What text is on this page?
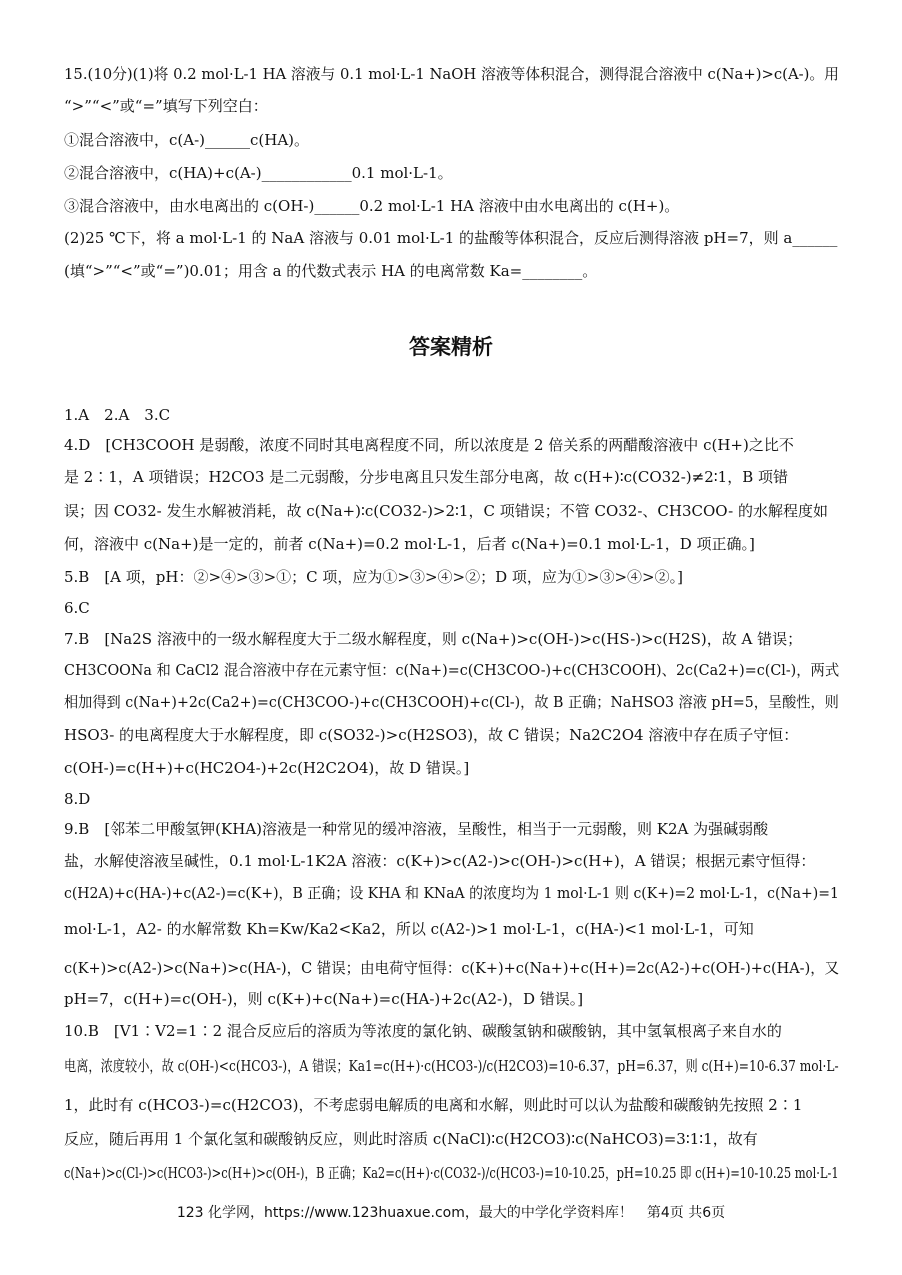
15.(10分)(1)将 0.2 mol·L-1 HA 溶液与 0.1 mol·L-1 NaOH 溶液等体积混合，测得混合溶液中 c(Na+)>c(A-)。用
“>”“<”或“=”填写下列空白：
①混合溶液中，c(A-)______c(HA)。
②混合溶液中，c(HA)+c(A-)____________0.1 mol·L-1。
③混合溶液中，由水电离出的 c(OH-)______0.2 mol·L-1 HA 溶液中由水电离出的 c(H+)。
(2)25 ℃下，将 a mol·L-1 的 NaA 溶液与 0.01 mol·L-1 的盐酸等体积混合，反应后测得溶液 pH=7，则 a______
(填“>”“<”或“=”)0.01；用含 a 的代数式表示 HA 的电离常数 Ka=________。
答案精析
1.A　2.A　3.C
4.D　[CH3COOH 是弱酸，浓度不同时其电离程度不同，所以浓度是 2 倍关系的两醋酸溶液中 c(H+)之比不
是 2∶1，A 项错误；H2CO3 是二元弱酸，分步电离且只发生部分电离，故 c(H+)∶c(CO32-)≠2∶1，B 项错
误；因 CO32- 发生水解被消耗，故 c(Na+)∶c(CO32-)>2∶1，C 项错误；不管 CO32-、CH3COO- 的水解程度如
何，溶液中 c(Na+)是一定的，前者 c(Na+)=0.2 mol·L-1，后者 c(Na+)=0.1 mol·L-1，D 项正确。]
5.B　[A 项，pH：②>④>③>①；C 项，应为①>③>④>②；D 项，应为①>③>④>②。]
6.C
7.B　[Na2S 溶液中的一级水解程度大于二级水解程度，则 c(Na+)>c(OH-)>c(HS-)>c(H2S)，故 A 错误；
CH3COONa 和 CaCl2 混合溶液中存在元素守恒：c(Na+)=c(CH3COO-)+c(CH3COOH)、2c(Ca2+)=c(Cl-)，两式
相加得到 c(Na+)+2c(Ca2+)=c(CH3COO-)+c(CH3COOH)+c(Cl-)，故 B 正确；NaHSO3 溶液 pH=5，呈酸性，则
HSO3- 的电离程度大于水解程度，即 c(SO32-)>c(H2SO3)，故 C 错误；Na2C2O4 溶液中存在质子守恒：
c(OH-)=c(H+)+c(HC2O4-)+2c(H2C2O4)，故 D 错误。]
8.D
9.B　[邻苯二甲酸氢钾(KHA)溶液是一种常见的缓冲溶液，呈酸性，相当于一元弱酸，则 K2A 为强碱弱酸
盐，水解使溶液呈碱性，0.1 mol·L-1K2A 溶液：c(K+)>c(A2-)>c(OH-)>c(H+)，A 错误；根据元素守恒得：
c(H2A)+c(HA-)+c(A2-)=c(K+)，B 正确；设 KHA 和 KNaA 的浓度均为 1 mol·L-1 则 c(K+)=2 mol·L-1，c(Na+)=1
mol·L-1，A2- 的水解常数 Kh=Kw/Ka2<Ka2，所以 c(A2-)>1 mol·L-1，c(HA-)<1 mol·L-1，可知
c(K+)>c(A2-)>c(Na+)>c(HA-)，C 错误；由电荷守恒得：c(K+)+c(Na+)+c(H+)=2c(A2-)+c(OH-)+c(HA-)，又
pH=7，c(H+)=c(OH-)，则 c(K+)+c(Na+)=c(HA-)+2c(A2-)，D 错误。]
10.B　[V1∶V2=1∶2 混合反应后的溶质为等浓度的氯化钠、碳酸氢钠和碳酸钠，其中氢氧根离子来自水的
电离，浓度较小，故 c(OH-)<c(HCO3-)，A 错误；Ka1=c(H+)·c(HCO3-)/c(H2CO3)=10-6.37，pH=6.37，则 c(H+)=10-6.37 mol·L-
1，此时有 c(HCO3-)=c(H2CO3)，不考虑弱电解质的电离和水解，则此时可以认为盐酸和碳酸钠先按照 2∶1
反应，随后再用 1 个氯化氢和碳酸钠反应，则此时溶质 c(NaCl)∶c(H2CO3)∶c(NaHCO3)=3∶1∶1，故有
c(Na+)>c(Cl-)>c(HCO3-)>c(H+)>c(OH-)，B 正确；Ka2=c(H+)·c(CO32-)/c(HCO3-)=10-10.25，pH=10.25 即 c(H+)=10-10.25 mol·L-1
123 化学网，https://www.123huaxue.com，最大的中学化学资料库！　第4页 共6页
